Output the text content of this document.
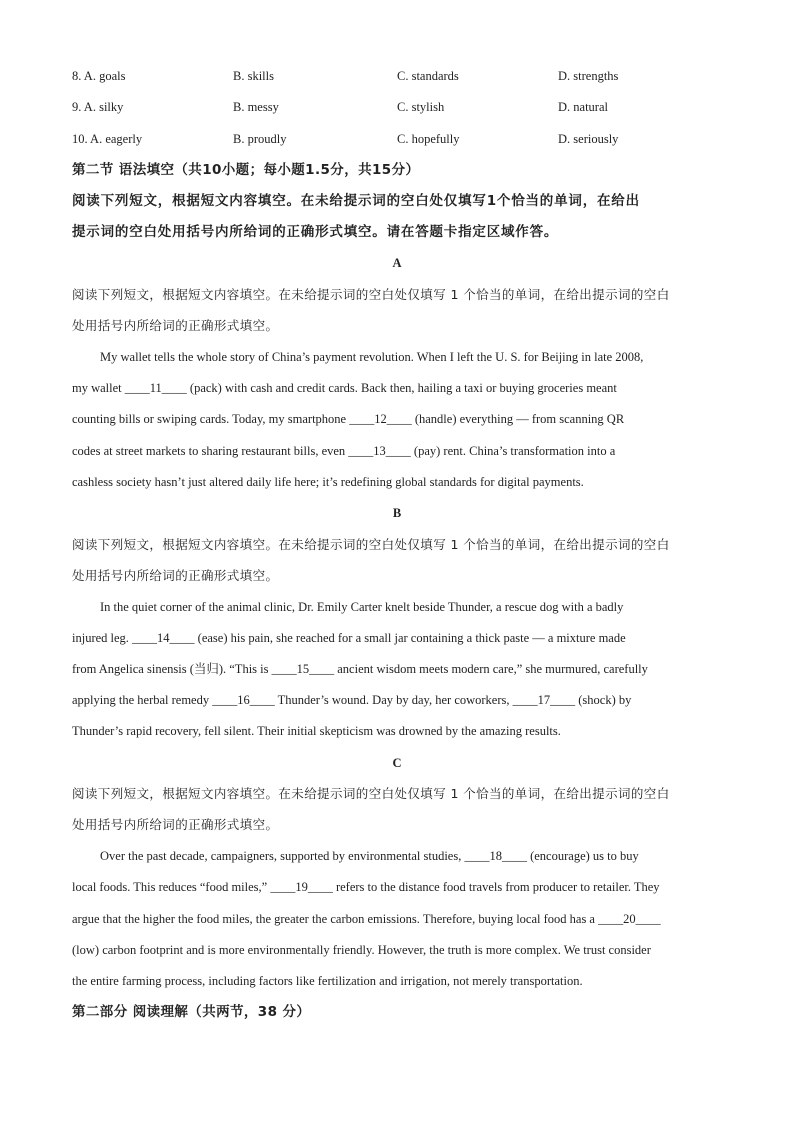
8. A. goals	B. skills	C. standards	D. strengths
9. A. silky	B. messy	C. stylish	D. natural
10. A. eagerly	B. proudly	C. hopefully	D. seriously
第二节 语法填空（共10小题；每小题1.5分，共15分）
阅读下列短文，根据短文内容填空。在未给提示词的空白处仅填写1个恰当的单词，在给出
提示词的空白处用括号内所给词的正确形式填空。请在答题卡指定区域作答。
A
阅读下列短文，根据短文内容填空。在未给提示词的空白处仅填写 1 个恰当的单词，在给出提示词的空白
处用括号内所给词的正确形式填空。
My wallet tells the whole story of China’s payment revolution. When I left the U. S. for Beijing in late 2008,
my wallet ____11____ (pack) with cash and credit cards. Back then, hailing a taxi or buying groceries meant
counting bills or swiping cards. Today, my smartphone ____12____ (handle) everything — from scanning QR
codes at street markets to sharing restaurant bills, even ____13____ (pay) rent. China’s transformation into a
cashless society hasn’t just altered daily life here; it’s redefining global standards for digital payments.
B
阅读下列短文，根据短文内容填空。在未给提示词的空白处仅填写 1 个恰当的单词，在给出提示词的空白
处用括号内所给词的正确形式填空。
In the quiet corner of the animal clinic, Dr. Emily Carter knelt beside Thunder, a rescue dog with a badly
injured leg. ____14____ (ease) his pain, she reached for a small jar containing a thick paste — a mixture made
from Angelica sinensis (当归). “This is ____15____ ancient wisdom meets modern care,” she murmured, carefully
applying the herbal remedy ____16____ Thunder’s wound. Day by day, her coworkers, ____17____ (shock) by
Thunder’s rapid recovery, fell silent. Their initial skepticism was drowned by the amazing results.
C
阅读下列短文，根据短文内容填空。在未给提示词的空白处仅填写 1 个恰当的单词，在给出提示词的空白
处用括号内所给词的正确形式填空。
Over the past decade, campaigners, supported by environmental studies, ____18____ (encourage) us to buy
local foods. This reduces “food miles,” ____19____ refers to the distance food travels from producer to retailer. They
argue that the higher the food miles, the greater the carbon emissions. Therefore, buying local food has a ____20____
(low) carbon footprint and is more environmentally friendly. However, the truth is more complex. We trust consider
the entire farming process, including factors like fertilization and irrigation, not merely transportation.
第二部分 阅读理解（共两节，38 分）
